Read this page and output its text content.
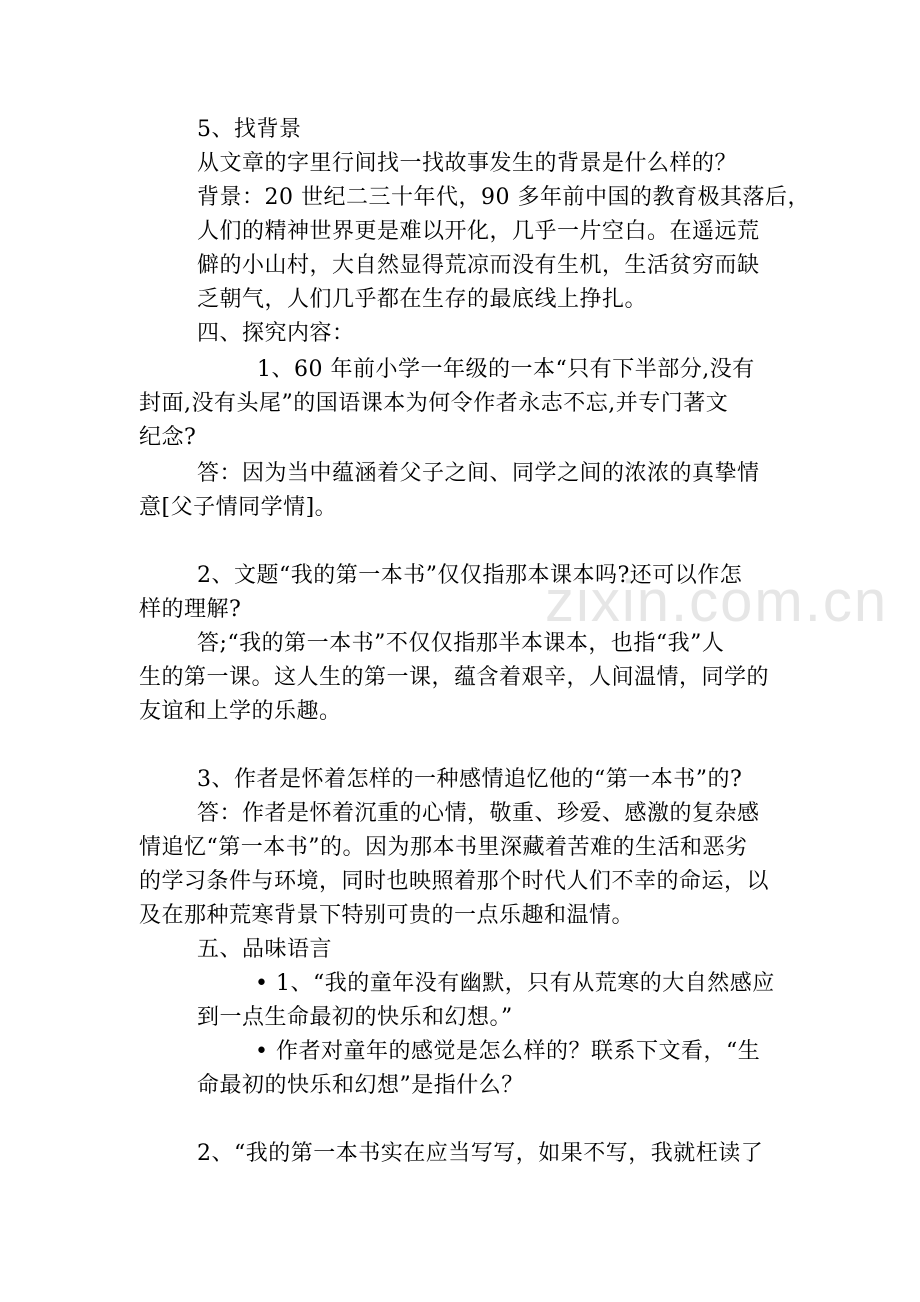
zixin.com.cn
5、找背景
从文章的字里行间找一找故事发生的背景是什么样的？
背景：20 世纪二三十年代，90 多年前中国的教育极其落后，
人们的精神世界更是难以开化，几乎一片空白。在遥远荒
僻的小山村，大自然显得荒凉而没有生机，生活贫穷而缺
乏朝气，人们几乎都在生存的最底线上挣扎。
四、探究内容：
1、60 年前小学一年级的一本“只有下半部分,没有
封面,没有头尾”的国语课本为何令作者永志不忘,并专门著文
纪念?
答：因为当中蕴涵着父子之间、同学之间的浓浓的真挚情
意[父子情同学情]。
2、文题“我的第一本书”仅仅指那本课本吗?还可以作怎
样的理解?
答;“我的第一本书”不仅仅指那半本课本，也指“我”人
生的第一课。这人生的第一课，蕴含着艰辛，人间温情，同学的
友谊和上学的乐趣。
3、作者是怀着怎样的一种感情追忆他的“第一本书”的?
答：作者是怀着沉重的心情，敬重、珍爱、感激的复杂感
情追忆“第一本书”的。因为那本书里深藏着苦难的生活和恶劣
的学习条件与环境，同时也映照着那个时代人们不幸的命运，以
及在那种荒寒背景下特别可贵的一点乐趣和温情。
五、品味语言
• 1、“我的童年没有幽默，只有从荒寒的大自然感应
到一点生命最初的快乐和幻想。”
• 作者对童年的感觉是怎么样的？联系下文看，“生
命最初的快乐和幻想”是指什么？
2、“我的第一本书实在应当写写，如果不写，我就枉读了
